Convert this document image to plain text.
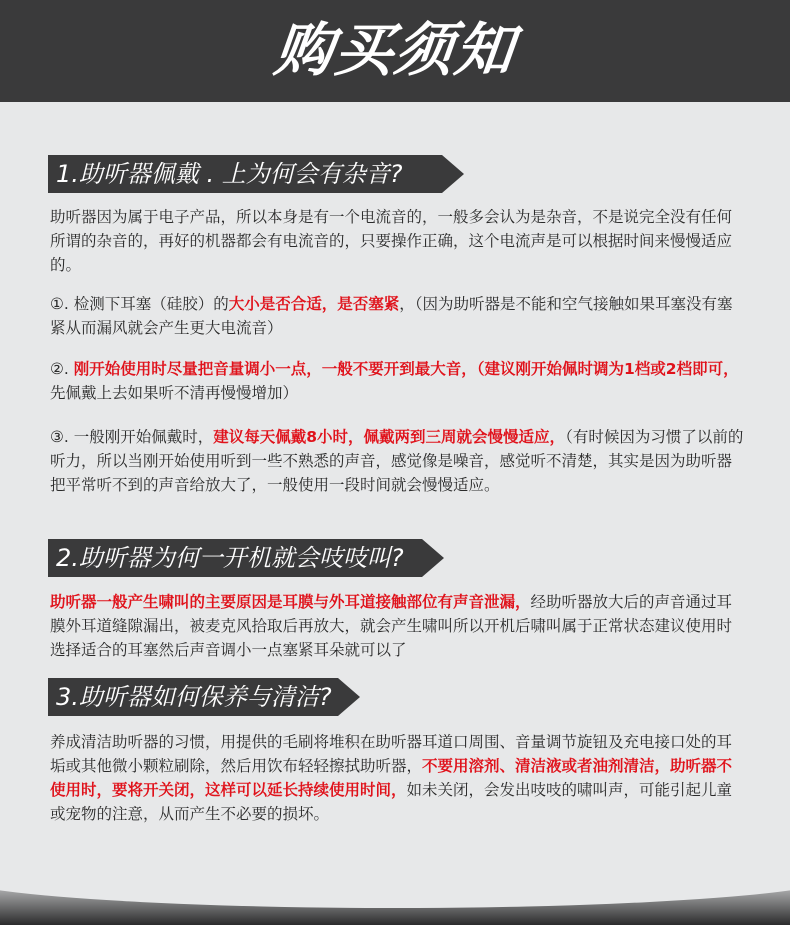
购买须知
1.助听器佩戴 . 上为何会有杂音?
助听器因为属于电子产品，所以本身是有一个电流音的，一般多会认为是杂音，不是说完全没有任何所谓的杂音的，再好的机器都会有电流音的，只要操作正确，这个电流声是可以根据时间来慢慢适应的。
①. 检测下耳塞（硅胶）的大小是否合适，是否塞紧，（因为助听器是不能和空气接触如果耳塞没有塞紧从而漏风就会产生更大电流音）
②. 刚开始使用时尽量把音量调小一点，一般不要开到最大音，（建议刚开始佩时调为1档或2档即可，先佩戴上去如果听不清再慢慢增加）
③. 一般刚开始佩戴时，建议每天佩戴8小时，佩戴两到三周就会慢慢适应，（有时候因为习惯了以前的听力，所以当刚开始使用听到一些不熟悉的声音，感觉像是噪音，感觉听不清楚，其实是因为助听器把平常听不到的声音给放大了，一般使用一段时间就会慢慢适应。
2.助听器为何一开机就会吱吱叫?
助听器一般产生啸叫的主要原因是耳膜与外耳道接触部位有声音泄漏，经助听器放大后的声音通过耳膜外耳道缝隙漏出，被麦克风拾取后再放大，就会产生啸叫所以开机后啸叫属于正常状态建议使用时选择适合的耳塞然后声音调小一点塞紧耳朵就可以了
3.助听器如何保养与清洁?
养成清洁助听器的习惯，用提供的毛刷将堆积在助听器耳道口周围、音量调节旋钮及充电接口处的耳垢或其他微小颗粒刷除，然后用饮布轻轻擦拭助听器，不要用溶剂、清洁液或者油剂清洁，助听器不使用时，要将开关闭，这样可以延长持续使用时间，如未关闭，会发出吱吱的啸叫声，可能引起儿童或宠物的注意，从而产生不必要的损坏。
